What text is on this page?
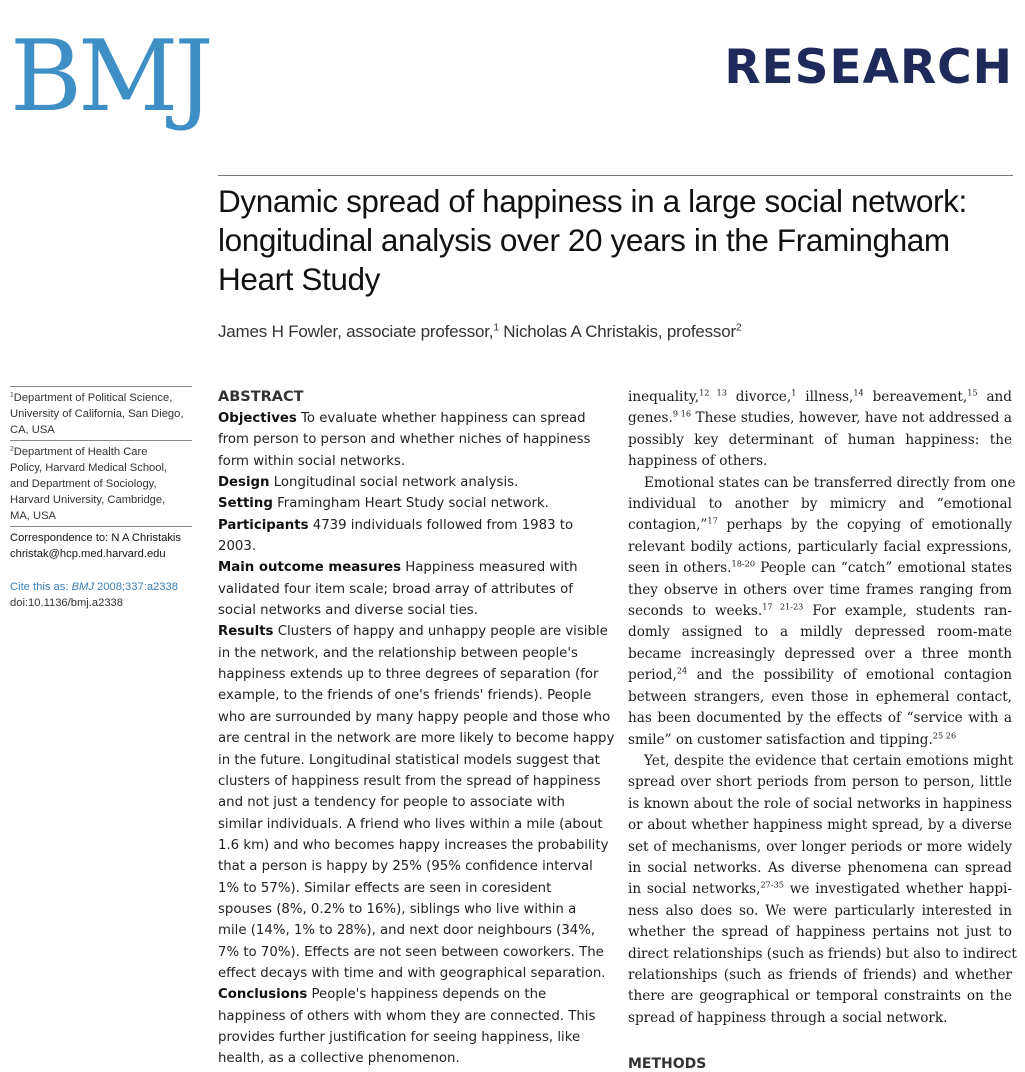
BMJ	RESEARCH
Dynamic spread of happiness in a large social network:
longitudinal analysis over 20 years in the Framingham
Heart Study
James H Fowler, associate professor,$^1$ Nicholas A Christakis, professor$^2$
$^1$Department of Political Science,
University of California, San Diego,
CA, USA
$^2$Department of Health Care
Policy, Harvard Medical School,
and Department of Sociology,
Harvard University, Cambridge,
MA, USA
Correspondence to: N A Christakis
christak@hcp.med.harvard.edu
Cite this as: BMJ 2008;337:a2338
doi:10.1136/bmj.a2338
ABSTRACT
Objectives To evaluate whether happiness can spread
from person to person and whether niches of happiness
form within social networks.
Design Longitudinal social network analysis.
Setting Framingham Heart Study social network.
Participants 4739 individuals followed from 1983 to
2003.
Main outcome measures Happiness measured with
validated four item scale; broad array of attributes of
social networks and diverse social ties.
Results Clusters of happy and unhappy people are visible
in the network, and the relationship between people's
happiness extends up to three degrees of separation (for
example, to the friends of one's friends' friends). People
who are surrounded by many happy people and those who
are central in the network are more likely to become happy
in the future. Longitudinal statistical models suggest that
clusters of happiness result from the spread of happiness
and not just a tendency for people to associate with
similar individuals. A friend who lives within a mile (about
1.6 km) and who becomes happy increases the probability
that a person is happy by 25% (95% confidence interval
1% to 57%). Similar effects are seen in coresident
spouses (8%, 0.2% to 16%), siblings who live within a
mile (14%, 1% to 28%), and next door neighbours (34%,
7% to 70%). Effects are not seen between coworkers. The
effect decays with time and with geographical separation.
Conclusions People's happiness depends on the
happiness of others with whom they are connected. This
provides further justification for seeing happiness, like
health, as a collective phenomenon.
inequality,$^{12 13}$ divorce,$^1$ illness,$^{14}$ bereavement,$^{15}$ and
genes.$^{9 16}$ These studies, however, have not addressed a
possibly key determinant of human happiness: the
happiness of others.
Emotional states can be transferred directly from one
individual to another by mimicry and “emotional
contagion,”$^{17}$ perhaps by the copying of emotionally
relevant bodily actions, particularly facial expressions,
seen in others.$^{18-20}$ People can “catch” emotional states
they observe in others over time frames ranging from
seconds to weeks.$^{17 21-23}$ For example, students ran-
domly assigned to a mildly depressed room-mate
became increasingly depressed over a three month
period,$^{24}$ and the possibility of emotional contagion
between strangers, even those in ephemeral contact,
has been documented by the effects of “service with a
smile” on customer satisfaction and tipping.$^{25 26}$
Yet, despite the evidence that certain emotions might
spread over short periods from person to person, little
is known about the role of social networks in happiness
or about whether happiness might spread, by a diverse
set of mechanisms, over longer periods or more widely
in social networks. As diverse phenomena can spread
in social networks,$^{27-35}$ we investigated whether happi-
ness also does so. We were particularly interested in
whether the spread of happiness pertains not just to
direct relationships (such as friends) but also to indirect
relationships (such as friends of friends) and whether
there are geographical or temporal constraints on the
spread of happiness through a social network.
METHODS
